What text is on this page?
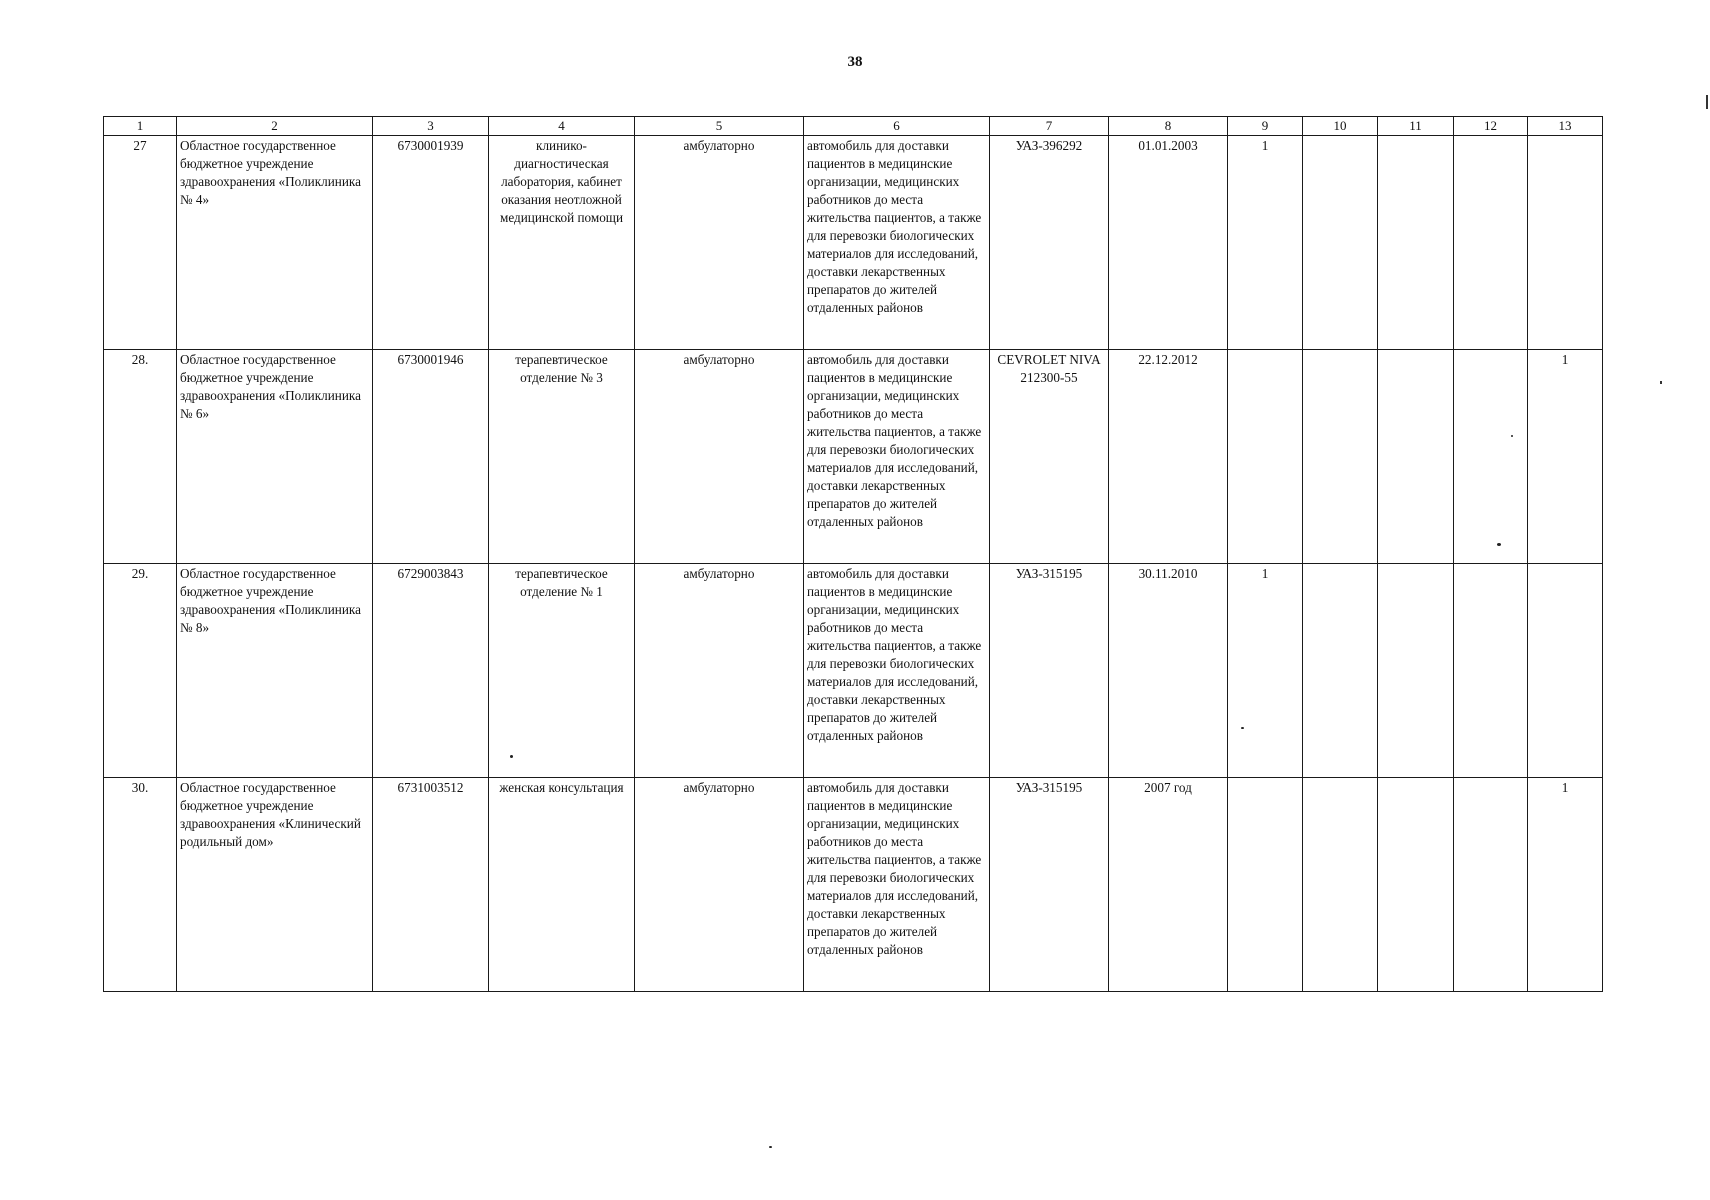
38
1	2	3	4	5	6	7	8	9	10	11	12	13
27	Областное государственное бюджетное учреждение здравоохранения «Поликлиника № 4»	6730001939	клинико-диагностическая лаборатория, кабинет оказания неотложной медицинской помощи	амбулаторно	автомобиль для доставки пациентов в медицинские организации, медицинских работников до места жительства пациентов, а также для перевозки биологических материалов для исследований, доставки лекарственных препаратов до жителей отдаленных районов	УАЗ-396292	01.01.2003	1				
28.	Областное государственное бюджетное учреждение здравоохранения «Поликлиника № 6»	6730001946	терапевтическое отделение № 3	амбулаторно	автомобиль для доставки пациентов в медицинские организации, медицинских работников до места жительства пациентов, а также для перевозки биологических материалов для исследований, доставки лекарственных препаратов до жителей отдаленных районов	CEVROLET NIVA 212300-55	22.12.2012					1
29.	Областное государственное бюджетное учреждение здравоохранения «Поликлиника № 8»	6729003843	терапевтическое отделение № 1	амбулаторно	автомобиль для доставки пациентов в медицинские организации, медицинских работников до места жительства пациентов, а также для перевозки биологических материалов для исследований, доставки лекарственных препаратов до жителей отдаленных районов	УАЗ-315195	30.11.2010	1				
30.	Областное государственное бюджетное учреждение здравоохранения «Клинический родильный дом»	6731003512	женская консультация	амбулаторно	автомобиль для доставки пациентов в медицинские организации, медицинских работников до места жительства пациентов, а также для перевозки биологических материалов для исследований, доставки лекарственных препаратов до жителей отдаленных районов	УАЗ-315195	2007 год					1
